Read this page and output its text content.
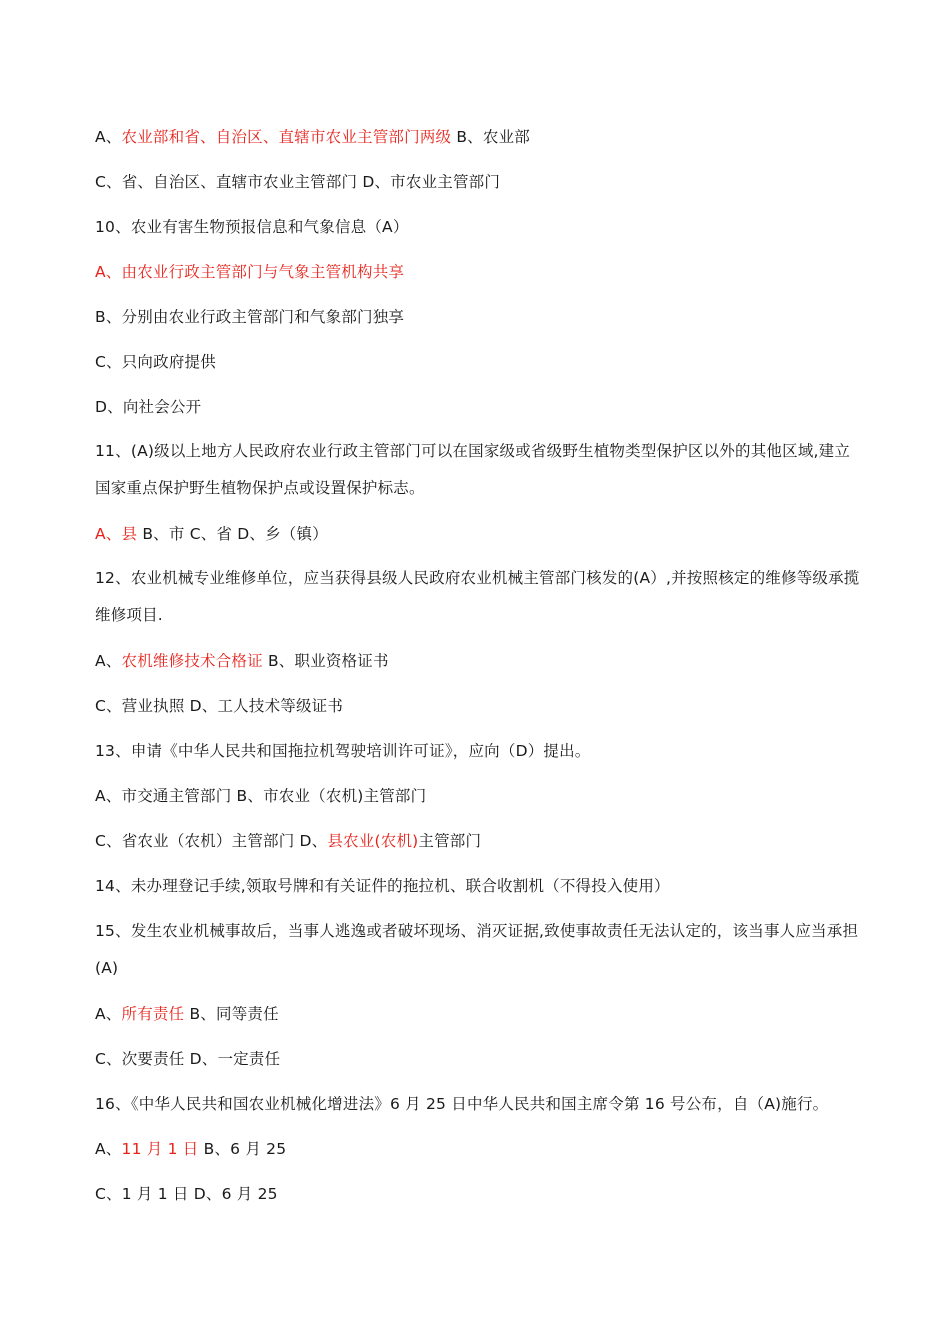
A、农业部和省、自治区、直辖市农业主管部门两级 B、农业部
C、省、自治区、直辖市农业主管部门 D、市农业主管部门
10、农业有害生物预报信息和气象信息（A）
A、由农业行政主管部门与气象主管机构共享
B、分别由农业行政主管部门和气象部门独享
C、只向政府提供
D、向社会公开
11、(A)级以上地方人民政府农业行政主管部门可以在国家级或省级野生植物类型保护区以外的其他区域,建立国家重点保护野生植物保护点或设置保护标志。
A、县 B、市 C、省 D、乡（镇）
12、农业机械专业维修单位，应当获得县级人民政府农业机械主管部门核发的(A）,并按照核定的维修等级承揽维修项目.
A、农机维修技术合格证 B、职业资格证书
C、营业执照 D、工人技术等级证书
13、申请《中华人民共和国拖拉机驾驶培训许可证》，应向（D）提出。
A、市交通主管部门 B、市农业（农机)主管部门
C、省农业（农机）主管部门 D、县农业(农机)主管部门
14、未办理登记手续,领取号牌和有关证件的拖拉机、联合收割机（不得投入使用）
15、发生农业机械事故后，当事人逃逸或者破坏现场、消灭证据,致使事故责任无法认定的，该当事人应当承担(A)
A、所有责任 B、同等责任
C、次要责任 D、一定责任
16、《中华人民共和国农业机械化增进法》6 月 25 日中华人民共和国主席令第 16 号公布，自（A)施行。
A、11 月 1 日 B、6 月 25
C、1 月 1 日 D、6 月 25
